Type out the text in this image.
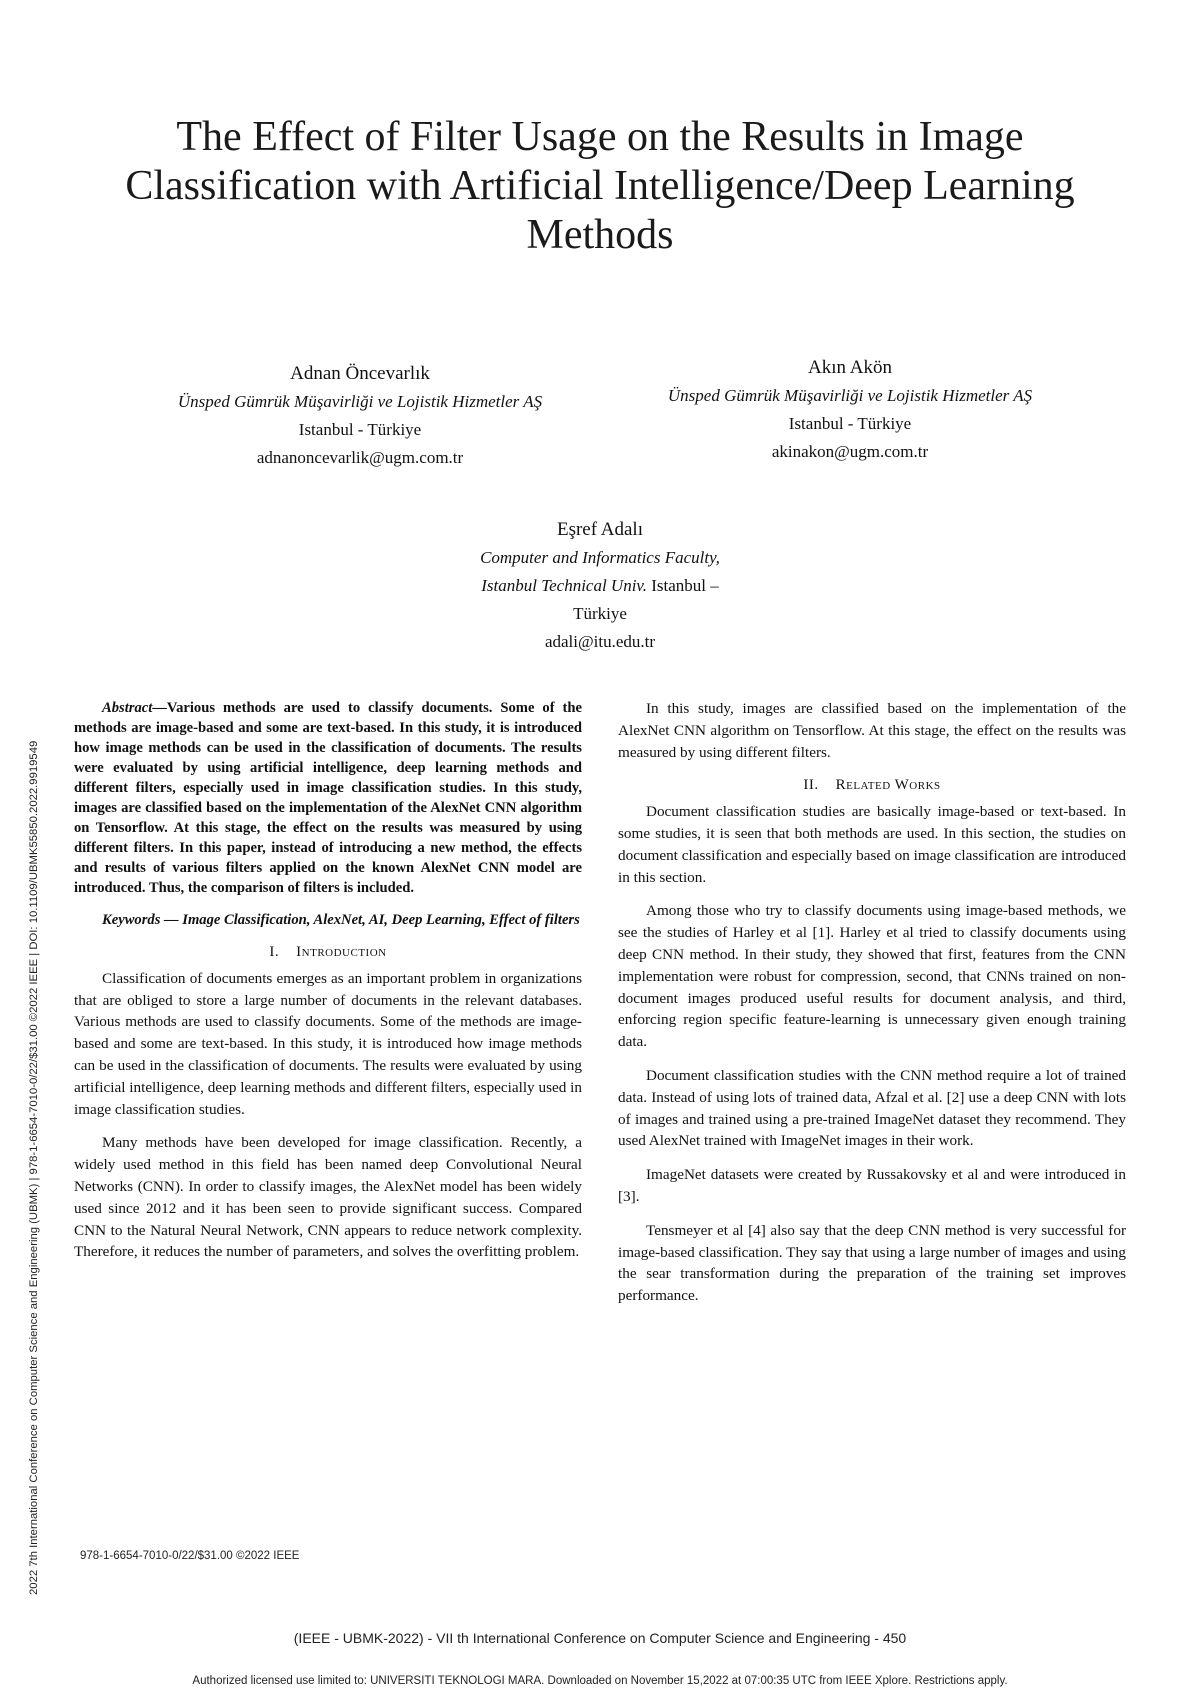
2022 7th International Conference on Computer Science and Engineering (UBMK) | 978-1-6654-7010-0/22/$31.00 ©2022 IEEE | DOI: 10.1109/UBMK55850.2022.9919549
The Effect of Filter Usage on the Results in Image Classification with Artificial Intelligence/Deep Learning Methods
Adnan Öncevarlık
Ünsped Gümrük Müşavirliği ve Lojistik Hizmetler AŞ
Istanbul - Türkiye
adnanoncevarlik@ugm.com.tr
Akın Akön
Ünsped Gümrük Müşavirliği ve Lojistik Hizmetler AŞ
Istanbul - Türkiye
akinakon@ugm.com.tr
Eşref Adalı
Computer and Informatics Faculty,
Istanbul Technical Univ. Istanbul –
Türkiye
adali@itu.edu.tr
Abstract—Various methods are used to classify documents. Some of the methods are image-based and some are text-based. In this study, it is introduced how image methods can be used in the classification of documents. The results were evaluated by using artificial intelligence, deep learning methods and different filters, especially used in image classification studies. In this study, images are classified based on the implementation of the AlexNet CNN algorithm on Tensorflow. At this stage, the effect on the results was measured by using different filters. In this paper, instead of introducing a new method, the effects and results of various filters applied on the known AlexNet CNN model are introduced. Thus, the comparison of filters is included.
Keywords — Image Classification, AlexNet, AI, Deep Learning, Effect of filters
I. Introduction

Classification of documents emerges as an important problem in organizations that are obliged to store a large number of documents in the relevant databases. Various methods are used to classify documents. Some of the methods are image-based and some are text-based. In this study, it is introduced how image methods can be used in the classification of documents. The results were evaluated by using artificial intelligence, deep learning methods and different filters, especially used in image classification studies.

Many methods have been developed for image classification. Recently, a widely used method in this field has been named deep Convolutional Neural Networks (CNN). In order to classify images, the AlexNet model has been widely used since 2012 and it has been seen to provide significant success. Compared CNN to the Natural Neural Network, CNN appears to reduce network complexity. Therefore, it reduces the number of parameters, and solves the overfitting problem.

In this study, images are classified based on the implementation of the AlexNet CNN algorithm on Tensorflow. At this stage, the effect on the results was measured by using different filters.

II. Related Works

Document classification studies are basically image-based or text-based. In some studies, it is seen that both methods are used. In this section, the studies on document classification and especially based on image classification are introduced in this section.

Among those who try to classify documents using image-based methods, we see the studies of Harley et al [1]. Harley et al tried to classify documents using deep CNN method. In their study, they showed that first, features from the CNN implementation were robust for compression, second, that CNNs trained on non-document images produced useful results for document analysis, and third, enforcing region specific feature-learning is unnecessary given enough training data.

Document classification studies with the CNN method require a lot of trained data. Instead of using lots of trained data, Afzal et al. [2] use a deep CNN with lots of images and trained using a pre-trained ImageNet dataset they recommend. They used AlexNet trained with ImageNet images in their work.

ImageNet datasets were created by Russakovsky et al and were introduced in [3].

Tensmeyer et al [4] also say that the deep CNN method is very successful for image-based classification. They say that using a large number of images and using the sear transformation during the preparation of the training set improves performance.

978-1-6654-7010-0/22/$31.00 ©2022 IEEE
(IEEE - UBMK-2022) - VII th International Conference on Computer Science and Engineering - 450
Authorized licensed use limited to: UNIVERSITI TEKNOLOGI MARA. Downloaded on November 15,2022 at 07:00:35 UTC from IEEE Xplore. Restrictions apply.
